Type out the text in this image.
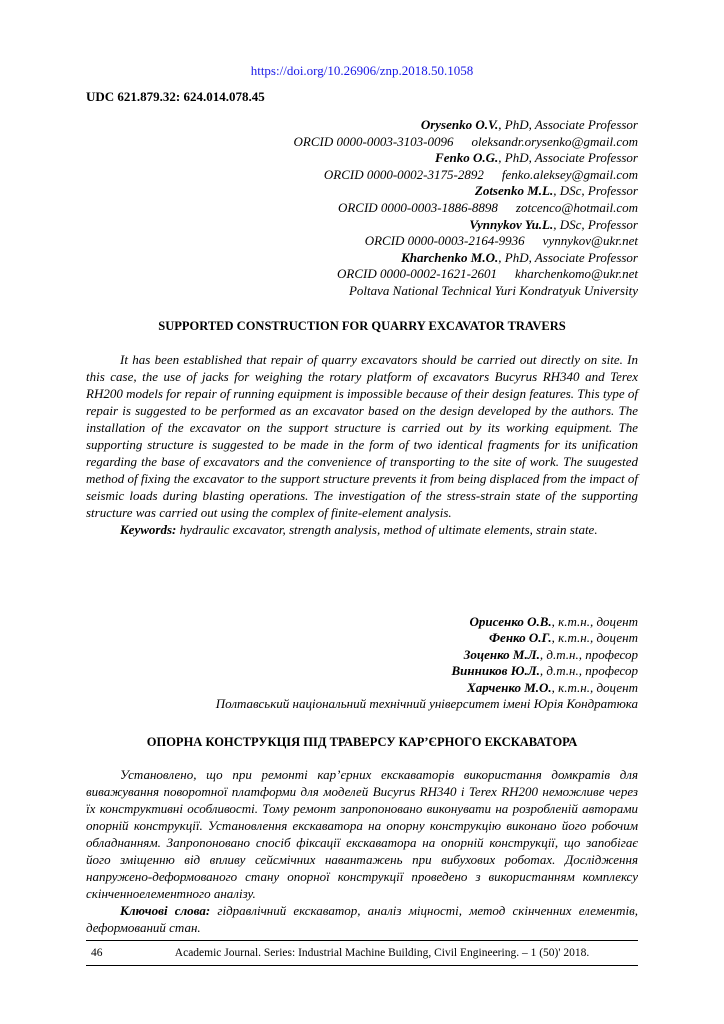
https://doi.org/10.26906/znp.2018.50.1058
UDC 621.879.32: 624.014.078.45
Orysenko O.V., PhD, Associate Professor
ORCID 0000-0003-3103-0096 oleksandr.orysenko@gmail.com
Fenko O.G., PhD, Associate Professor
ORCID 0000-0002-3175-2892 fenko.aleksey@gmail.com
Zotsenko M.L., DSc, Professor
ORCID 0000-0003-1886-8898 zotcenco@hotmail.com
Vynnykov Yu.L., DSc, Professor
ORCID 0000-0003-2164-9936 vynnykov@ukr.net
Kharchenko M.O., PhD, Associate Professor
ORCID 0000-0002-1621-2601 kharchenkomo@ukr.net
Poltava National Technical Yuri Kondratyuk University
SUPPORTED CONSTRUCTION FOR QUARRY EXCAVATOR TRAVERS
It has been established that repair of quarry excavators should be carried out directly on site. In this case, the use of jacks for weighing the rotary platform of excavators Bucyrus RH340 and Terex RH200 models for repair of running equipment is impossible because of their design features. This type of repair is suggested to be performed as an excavator based on the design developed by the authors. The installation of the excavator on the support structure is carried out by its working equipment. The supporting structure is suggested to be made in the form of two identical fragments for its unification regarding the base of excavators and the convenience of transporting to the site of work. The suugested method of fixing the excavator to the support structure prevents it from being displaced from the impact of seismic loads during blasting operations. The investigation of the stress-strain state of the supporting structure was carried out using the complex of finite-element analysis.
Keywords: hydraulic excavator, strength analysis, method of ultimate elements, strain state.
Орисенко О.В., к.т.н., доцент
Фенко О.Г., к.т.н., доцент
Зоценко М.Л., д.т.н., професор
Винников Ю.Л., д.т.н., професор
Харченко М.О., к.т.н., доцент
Полтавський національний технічний університет імені Юрія Кондратюка
ОПОРНА КОНСТРУКЦІЯ ПІД ТРАВЕРСУ КАР’ЄРНОГО ЕКСКАВАТОРА
Установлено, що при ремонті кар’єрних екскаваторів використання домкратів для виважування поворотної платформи для моделей Bucyrus RH340 і Terex RH200 неможливе через їх конструктивні особливості. Тому ремонт запропоновано виконувати на розробленій авторами опорній конструкції. Установлення екскаватора на опорну конструкцію виконано його робочим обладнанням. Запропоновано спосіб фіксації екскаватора на опорній конструкції, що запобігає його зміщенню від впливу сейсмічних навантажень при вибухових роботах. Дослідження напружено-деформованого стану опорної конструкції проведено з використанням комплексу скінченноелементного аналізу.
Ключові слова: гідравлічний екскаватор, аналіз міцності, метод скінченних елементів, деформований стан.
46	Academic Journal. Series: Industrial Machine Building, Civil Engineering. – 1 (50)' 2018.
